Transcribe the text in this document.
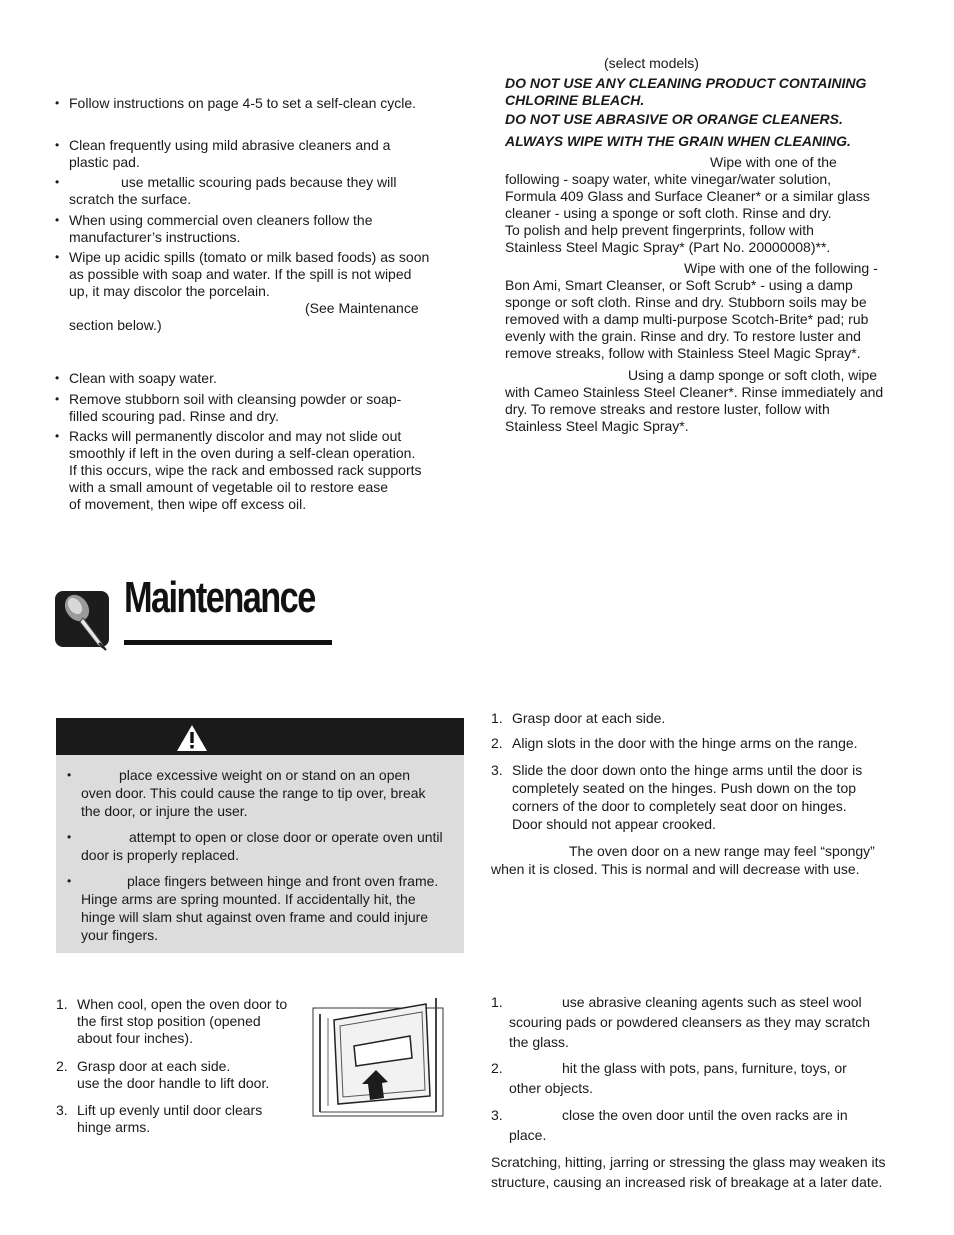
(select models)
DO NOT USE ANY CLEANING PRODUCT CONTAINING CHLORINE BLEACH.
DO NOT USE ABRASIVE OR ORANGE CLEANERS.
ALWAYS WIPE WITH THE GRAIN WHEN CLEANING.
Wipe with one of the
following - soapy water, white vinegar/water solution,
Formula 409 Glass and Surface Cleaner* or a similar glass
cleaner - using a sponge or soft cloth. Rinse and dry.
To polish and help prevent fingerprints, follow with
Stainless Steel Magic Spray* (Part No. 20000008)**.
Wipe with one of the following -
Bon Ami, Smart Cleanser, or Soft Scrub* - using a damp
sponge or soft cloth. Rinse and dry. Stubborn soils may be
removed with a damp multi-purpose Scotch-Brite* pad; rub
evenly with the grain. Rinse and dry. To restore luster and
remove streaks, follow with Stainless Steel Magic Spray*.
Using a damp sponge or soft cloth, wipe
with Cameo Stainless Steel Cleaner*. Rinse immediately and
dry. To remove streaks and restore luster, follow with
Stainless Steel Magic Spray*.
• Follow instructions on page 4-5 to set a self-clean cycle.
• Clean frequently using mild abrasive cleaners and a
plastic pad.
• use metallic scouring pads because they will
scratch the surface.
• When using commercial oven cleaners follow the
manufacturer’s instructions.
• Wipe up acidic spills (tomato or milk based foods) as soon
as possible with soap and water. If the spill is not wiped
up, it may discolor the porcelain.
(See Maintenance
section below.)
• Clean with soapy water.
• Remove stubborn soil with cleansing powder or soap-
filled scouring pad. Rinse and dry.
• Racks will permanently discolor and may not slide out
smoothly if left in the oven during a self-clean operation.
If this occurs, wipe the rack and embossed rack supports
with a small amount of vegetable oil to restore ease
of movement, then wipe off excess oil.
Maintenance
• place excessive weight on or stand on an open
oven door. This could cause the range to tip over, break
the door, or injure the user.
• attempt to open or close door or operate oven until
door is properly replaced.
• place fingers between hinge and front oven frame.
Hinge arms are spring mounted. If accidentally hit, the
hinge will slam shut against oven frame and could injure
your fingers.
1. Grasp door at each side.
2. Align slots in the door with the hinge arms on the range.
3. Slide the door down onto the hinge arms until the door is
completely seated on the hinges. Push down on the top
corners of the door to completely seat door on hinges.
Door should not appear crooked.
The oven door on a new range may feel “spongy”
when it is closed. This is normal and will decrease with use.
1. When cool, open the oven door to
the first stop position (opened
about four inches).
2. Grasp door at each side.
use the door handle to lift door.
3. Lift up evenly until door clears
hinge arms.
1.	use abrasive cleaning agents such as steel wool
scouring pads or powdered cleansers as they may scratch
the glass.
2.	hit the glass with pots, pans, furniture, toys, or
other objects.
3.	close the oven door until the oven racks are in
place.
Scratching, hitting, jarring or stressing the glass may weaken its
structure, causing an increased risk of breakage at a later date.
